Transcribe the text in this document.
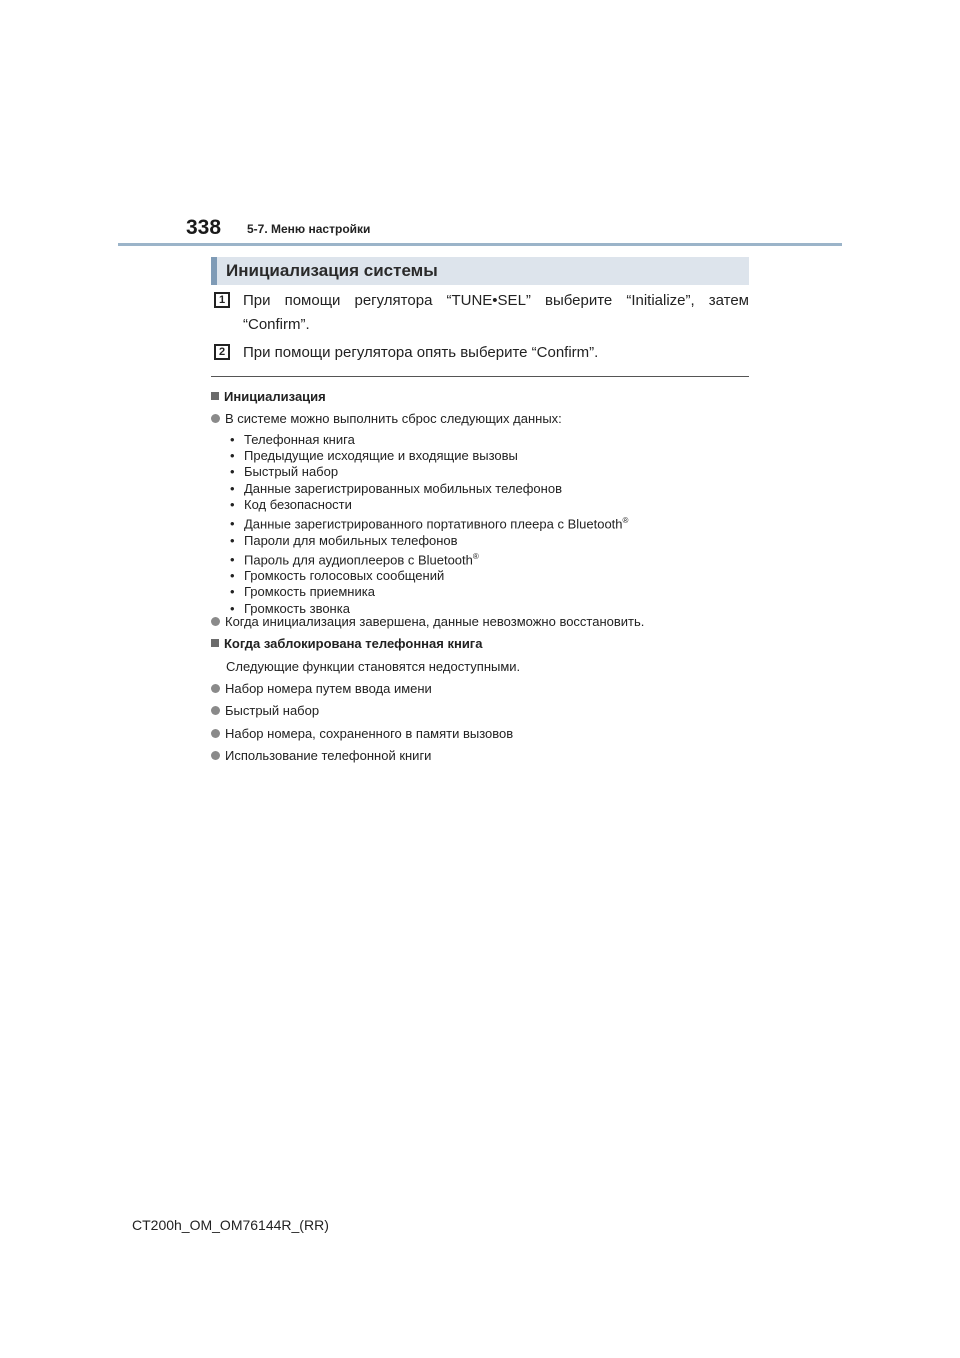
338 5-7. Меню настройки
Инициализация системы
1	При помощи регулятора “TUNE•SEL” выберите “Initialize”, затем
“Confirm”.
2	При помощи регулятора опять выберите “Confirm”.
Инициализация
В системе можно выполнить сброс следующих данных:
• Телефонная книга
• Предыдущие исходящие и входящие вызовы
• Быстрый набор
• Данные зарегистрированных мобильных телефонов
• Код безопасности
• Данные зарегистрированного портативного плеера с Bluetooth®
• Пароли для мобильных телефонов
• Пароль для аудиоплееров с Bluetooth®
• Громкость голосовых сообщений
• Громкость приемника
• Громкость звонка
Когда инициализация завершена, данные невозможно восстановить.
Когда заблокирована телефонная книга
Следующие функции становятся недоступными.
Набор номера путем ввода имени
Быстрый набор
Набор номера, сохраненного в памяти вызовов
Использование телефонной книги
CT200h_OM_OM76144R_(RR)
